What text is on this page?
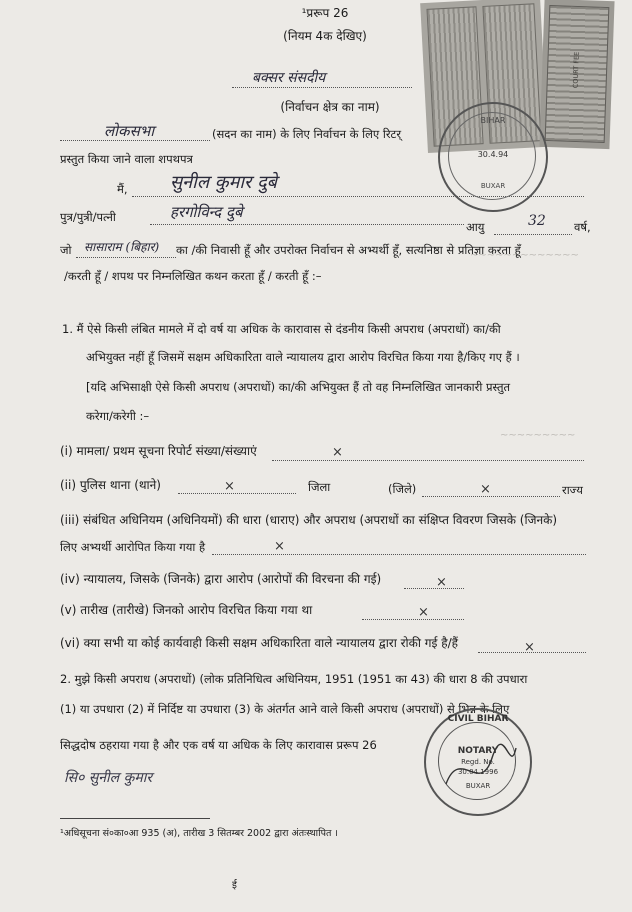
~~~~~~~~~~~~~
~~~~~~~~~
¹प्ररूप 26
(नियम 4क देखिए)
बक्सर संसदीय
(निर्वाचन क्षेत्र का नाम)
लोकसभा	(सदन का नाम) के लिए निर्वाचन के लिए रिटर्
प्रस्तुत किया जाने वाला शपथपत्र
मैं, सुनील कुमार दुबे
पुत्र/पुत्री/पत्नी	हरगोविन्द दुबे
आयु	32 वर्ष,
जो सासाराम (बिहार) का /की निवासी हूँ और उपरोक्त निर्वाचन से अभ्यर्थी हूँ, सत्यनिष्ठा से प्रतिज्ञा करता हूँ
/करती हूँ / शपथ पर निम्नलिखित कथन करता हूँ / करती हूँ :–
1. मैं ऐसे किसी लंबित मामले में दो वर्ष या अधिक के कारावास से दंडनीय किसी अपराध (अपराधों) का/की
अभियुक्त नहीं हूँ जिसमें सक्षम अधिकारिता वाले न्यायालय द्वारा आरोप विरचित किया गया है/किए गए हैं ।
[यदि अभिसाक्षी ऐसे किसी अपराध (अपराधों) का/की अभियुक्त हैं तो वह निम्नलिखित जानकारी प्रस्तुत
करेगा/करेगी :–
(i) मामला/ प्रथम सूचना रिपोर्ट संख्या/संख्याएं	×
(ii) पुलिस थाना (थाने)	×	जिला	(जिले)	×	राज्य
(iii) संबंधित अधिनियम (अधिनियमों) की धारा (धाराए) और अपराध (अपराधों का संक्षिप्त विवरण जिसके (जिनके)
लिए अभ्यर्थी आरोपित किया गया है	×
(iv) न्यायालय, जिसके (जिनके) द्वारा आरोप (आरोपों की विरचना की गई)	×
(v) तारीख (तारीखे) जिनको आरोप विरचित किया गया था	×
(vi) क्या सभी या कोई कार्यवाही किसी सक्षम अधिकारिता वाले न्यायालय द्वारा रोकी गई है/हैं	×
2. मुझे किसी अपराध (अपराधों) (लोक प्रतिनिधित्व अधिनियम, 1951 (1951 का 43) की धारा 8 की उपधारा
(1) या उपधारा (2) में निर्दिष्ट या उपधारा (3) के अंतर्गत आने वाले किसी अपराध (अपराधों) से भिन्न के लिए
सिद्धदोष ठहराया गया है और एक वर्ष या अधिक के लिए कारावास प्ररूप 26
सि० सुनील कुमार
¹अधिसूचना सं०का०आ 935 (अ), तारीख 3 सितम्बर 2002 द्वारा अंतःस्थापित ।
ई
COURT FEE
BIHAR
30.4.94
BUXAR
CIVIL BIHAR
NOTARY
Regd. No.
30.04.1996
BUXAR
